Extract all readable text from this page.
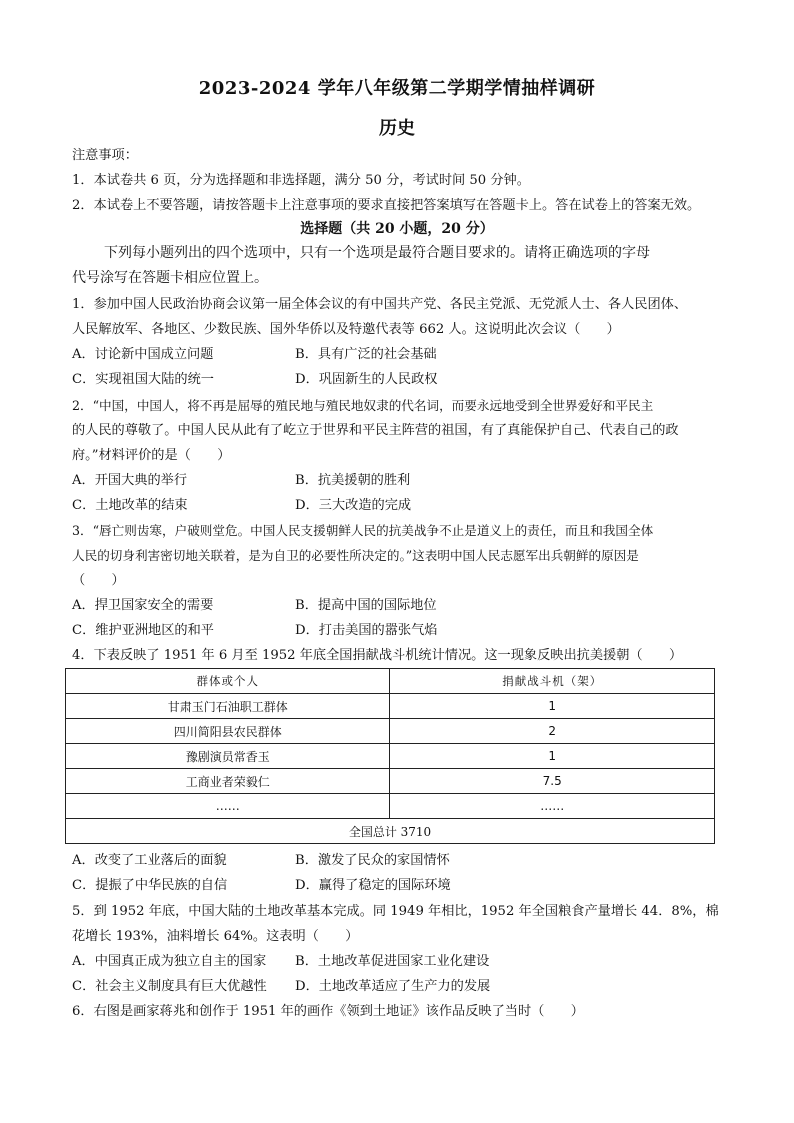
2023-2024 学年八年级第二学期学情抽样调研
历史
注意事项：
1．本试卷共 6 页，分为选择题和非选择题，满分 50 分，考试时间 50 分钟。
2．本试卷上不要答题，请按答题卡上注意事项的要求直接把答案填写在答题卡上。答在试卷上的答案无效。
选择题（共 20 小题，20 分）
下列每小题列出的四个选项中，只有一个选项是最符合题目要求的。请将正确选项的字母
代号涂写在答题卡相应位置上。
1．参加中国人民政治协商会议第一届全体会议的有中国共产党、各民主党派、无党派人士、各人民团体、
人民解放军、各地区、少数民族、国外华侨以及特邀代表等 662 人。这说明此次会议（　　）
A．讨论新中国成立问题	B．具有广泛的社会基础
C．实现祖国大陆的统一	D．巩固新生的人民政权
2．“中国，中国人，将不再是屈辱的殖民地与殖民地奴隶的代名词，而要永远地受到全世界爱好和平民主
的人民的尊敬了。中国人民从此有了屹立于世界和平民主阵营的祖国，有了真能保护自己、代表自己的政
府。”材料评价的是（　　）
A．开国大典的举行	B．抗美援朝的胜利
C．土地改革的结束	D．三大改造的完成
3．“唇亡则齿寒，户破则堂危。中国人民支援朝鲜人民的抗美战争不止是道义上的责任，而且和我国全体
人民的切身利害密切地关联着，是为自卫的必要性所决定的。”这表明中国人民志愿军出兵朝鲜的原因是
（　　）
A．捍卫国家安全的需要	B．提高中国的国际地位
C．维护亚洲地区的和平	D．打击美国的嚣张气焰
4．下表反映了 1951 年 6 月至 1952 年底全国捐献战斗机统计情况。这一现象反映出抗美援朝（　　）
群体或个人	捐献战斗机（架）
甘肃玉门石油职工群体	1
四川简阳县农民群体	2
豫剧演员常香玉	1
工商业者荣毅仁	7.5
……	……
全国总计 3710	
A．改变了工业落后的面貌	B．激发了民众的家国情怀
C．提振了中华民族的自信	D．赢得了稳定的国际环境
5．到 1952 年底，中国大陆的土地改革基本完成。同 1949 年相比，1952 年全国粮食产量增长 44．8%，棉
花增长 193%，油料增长 64%。这表明（　　）
A．中国真正成为独立自主的国家 B．土地改革促进国家工业化建设
C．社会主义制度具有巨大优越性 D．土地改革适应了生产力的发展
6．右图是画家蒋兆和创作于 1951 年的画作《领到土地证》该作品反映了当时（　　）
